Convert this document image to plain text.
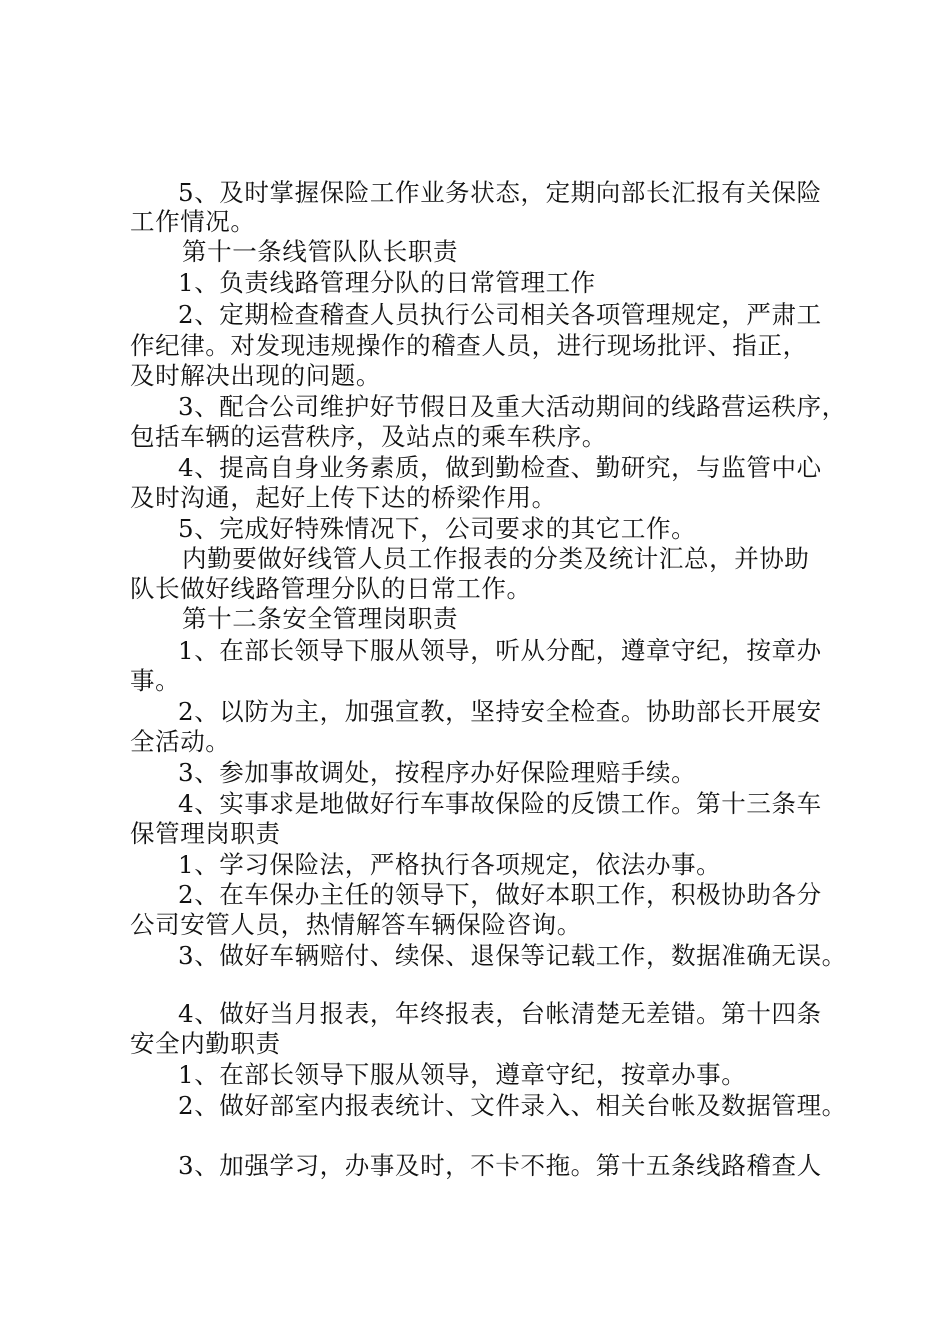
5、及时掌握保险工作业务状态，定期向部长汇报有关保险
工作情况。
第十一条线管队队长职责
1、负责线路管理分队的日常管理工作
2、定期检查稽查人员执行公司相关各项管理规定，严肃工
作纪律。对发现违规操作的稽查人员，进行现场批评、指正，
及时解决出现的问题。
3、配合公司维护好节假日及重大活动期间的线路营运秩序，
包括车辆的运营秩序，及站点的乘车秩序。
4、提高自身业务素质，做到勤检查、勤研究，与监管中心
及时沟通，起好上传下达的桥梁作用。
5、完成好特殊情况下，公司要求的其它工作。
内勤要做好线管人员工作报表的分类及统计汇总，并协助
队长做好线路管理分队的日常工作。
第十二条安全管理岗职责
1、在部长领导下服从领导，听从分配，遵章守纪，按章办
事。
2、以防为主，加强宣教，坚持安全检查。协助部长开展安
全活动。
3、参加事故调处，按程序办好保险理赔手续。
4、实事求是地做好行车事故保险的反馈工作。第十三条车
保管理岗职责
1、学习保险法，严格执行各项规定，依法办事。
2、在车保办主任的领导下，做好本职工作，积极协助各分
公司安管人员，热情解答车辆保险咨询。
3、做好车辆赔付、续保、退保等记载工作，数据准确无误。
4、做好当月报表，年终报表，台帐清楚无差错。第十四条
安全内勤职责
1、在部长领导下服从领导，遵章守纪，按章办事。
2、做好部室内报表统计、文件录入、相关台帐及数据管理。
3、加强学习，办事及时，不卡不拖。第十五条线路稽查人
